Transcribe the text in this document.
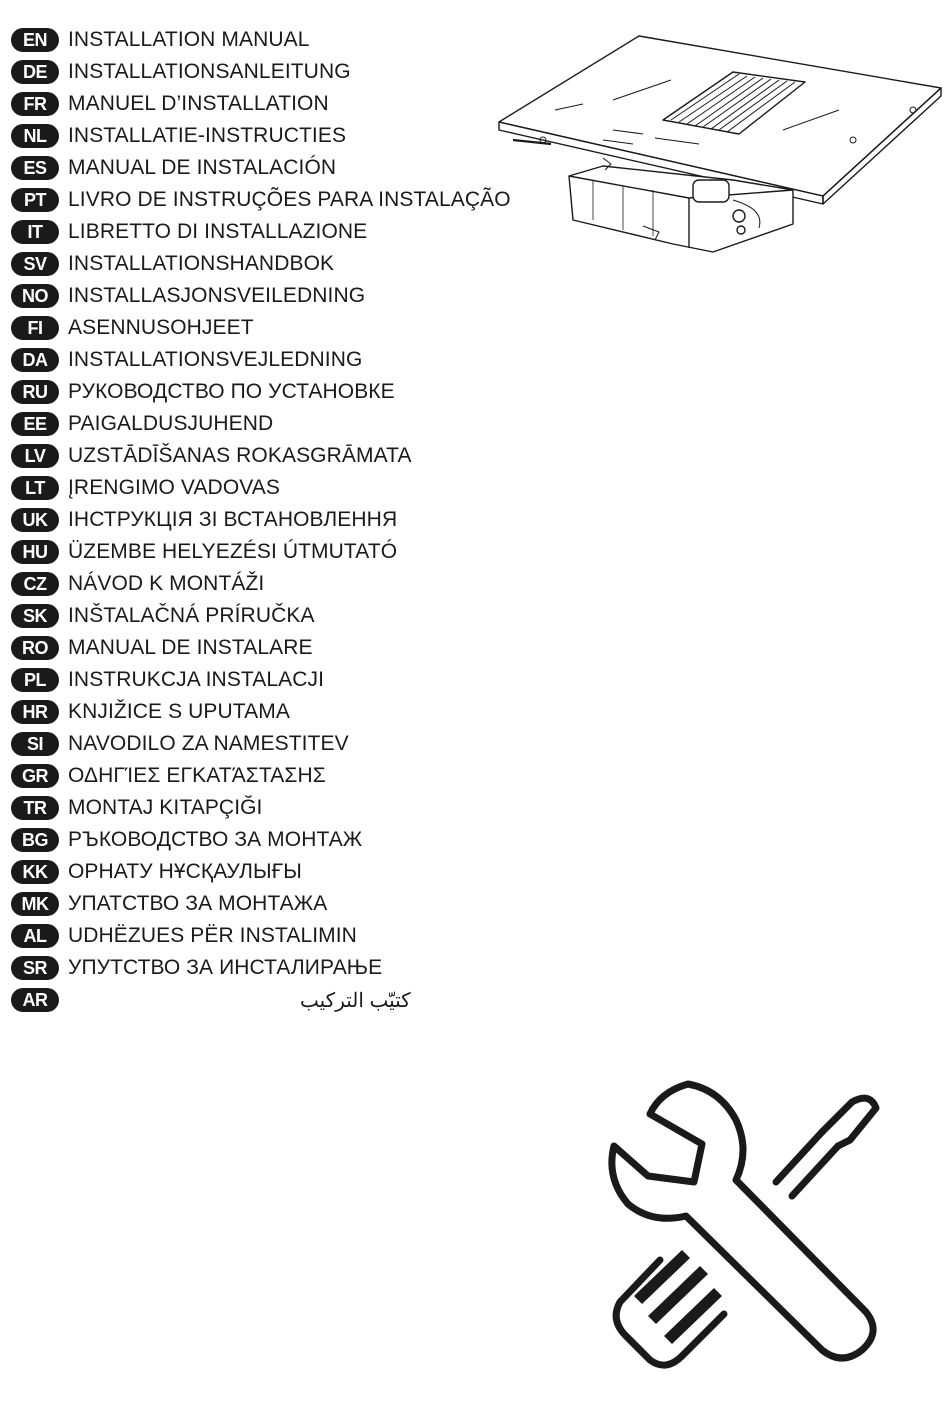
EN	INSTALLATION MANUAL
DE	INSTALLATIONSANLEITUNG
FR	MANUEL D’INSTALLATION
NL	INSTALLATIE-INSTRUCTIES
ES	MANUAL DE INSTALACIÓN
PT	LIVRO DE INSTRUÇÕES PARA INSTALAÇÃO
IT	LIBRETTO DI INSTALLAZIONE
SV	INSTALLATIONSHANDBOK
NO INSTALLASJONSVEILEDNING
FI	ASENNUSOHJEET
DA INSTALLATIONSVEJLEDNING
RU РУКОВОДСТВО ПО УСТАНОВКЕ
EE	PAIGALDUSJUHEND
LV	UZSTĀDĪŠANAS ROKASGRĀMATA
LT	ĮRENGIMO VADOVAS
UK ІНСТРУКЦІЯ ЗІ ВСТАНОВЛЕННЯ
HU ÜZEMBE HELYEZÉSI ÚTMUTATÓ
CZ	NÁVOD K MONTÁŽI
SK	INŠTALAČNÁ PRÍRUČKA
RO MANUAL DE INSTALARE
PL	INSTRUKCJA INSTALACJI
HR KNJIŽICE S UPUTAMA
SI	NAVODILO ZA NAMESTITEV
GR ΟΔΗΓΊΕΣ ΕΓΚΑΤΆΣΤΑΣΗΣ
TR	MONTAJ KITAPÇIĞI
BG РЪКОВОДСТВО ЗА МОНТАЖ
KK ОРНАТУ НҰСҚАУЛЫҒЫ
MK УПАТСТВО ЗА МОНТАЖА
AL	UDHËZUES PËR INSTALIMIN
SR	УПУТСТВО ЗА ИНСТАЛИРАЊЕ
AR	كتيّب التركيب
